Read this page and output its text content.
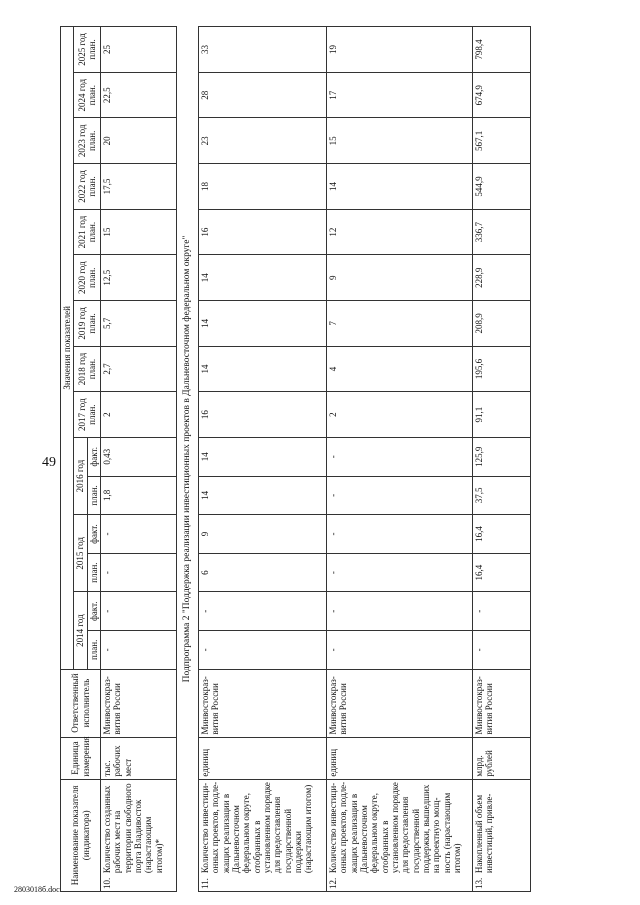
49
2803018б.doc
Наименование показателя (индикатора)		Единица измерения	Ответственный исполнитель	Значения показателей														
				2014 год		2015 год		2016 год		2017 год план.	2018 год план.	2019 год план.	2020 год план.	2021 год план.	2022 год план.	2023 год план.	2024 год план.	2025 год план.
				план.	факт.	план.	факт.	план.	факт.									
10.	Количество созданных рабочих мест на территории свободного порта Владивосток (нарастающим итогом)*	тыс. рабочих мест	Минвостокраз-вития России	-	-	-	-	1,8	0,43	2	2,7	5,7	12,5	15	17,5	20	22,5	25
Подпрограмма 2 "Поддержка реализации инвестиционных проектов в Дальневосточном федеральном округе"																		
11.	Количество инвестици-онных проектов, подле-жащих реализации в Дальневосточном федеральном округе, отобранных в установленном порядке для предоставления государственной поддержки (нарастающим итогом)	единиц	Минвостокраз-вития России	-	-	6	9	14	14	16	14	14	14	16	18	23	28	33
12.	Количество инвестици-онных проектов, подле-жащих реализации в Дальневосточном федеральном округе, отобранных в установленном порядке для предоставления государственной поддержки, вышедших на проектную мощ-ность (нарастающим итогом)	единиц	Минвостокраз-вития России	-	-	-	-	-	-	2	4	7	9	12	14	15	17	19
13.	Накопленный объем инвестиций, привле-	млрд. рублей	Минвостокраз-вития России	-	-	16,4	16,4	37,5	125,9	91,1	195,6	208,9	228,9	336,7	544,9	567,1	674,9	798,4
